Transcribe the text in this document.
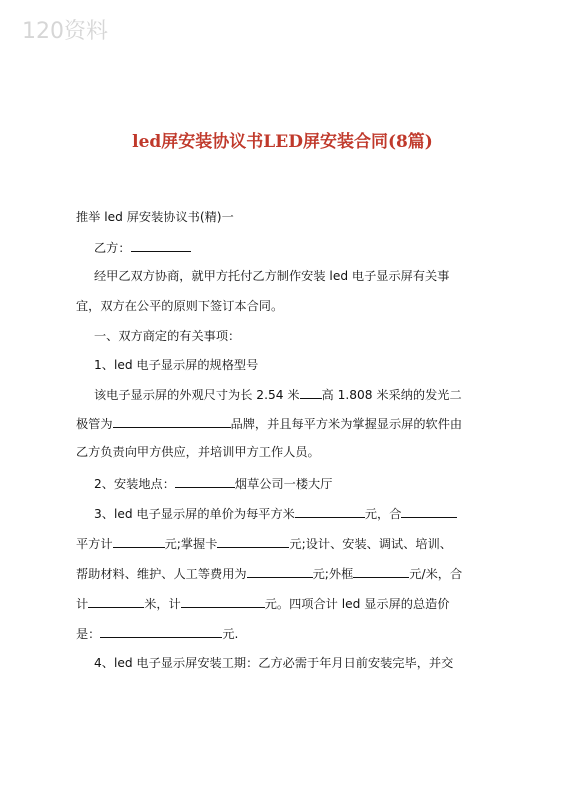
120资料
led屏安装协议书LED屏安装合同(8篇)
推举 led 屏安装协议书(精)一
乙方：
经甲乙双方协商，就甲方托付乙方制作安装 led 电子显示屏有关事
宜，双方在公平的原则下签订本合同。
一、双方商定的有关事项：
1、led 电子显示屏的规格型号
该电子显示屏的外观尺寸为长 2.54 米 高 1.808 米采纳的发光二
极管为	品牌，并且每平方米为掌握显示屏的软件由
乙方负责向甲方供应，并培训甲方工作人员。
2、安装地点：	烟草公司一楼大厅
3、led 电子显示屏的单价为每平方米	元，合
平方计	元;掌握卡	元;设计、安装、调试、培训、
帮助材料、维护、人工等费用为	元;外框	元/米，合
计	米，计	元。四项合计 led 显示屏的总造价
是：	元.
4、led 电子显示屏安装工期：乙方必需于年月日前安装完毕，并交
